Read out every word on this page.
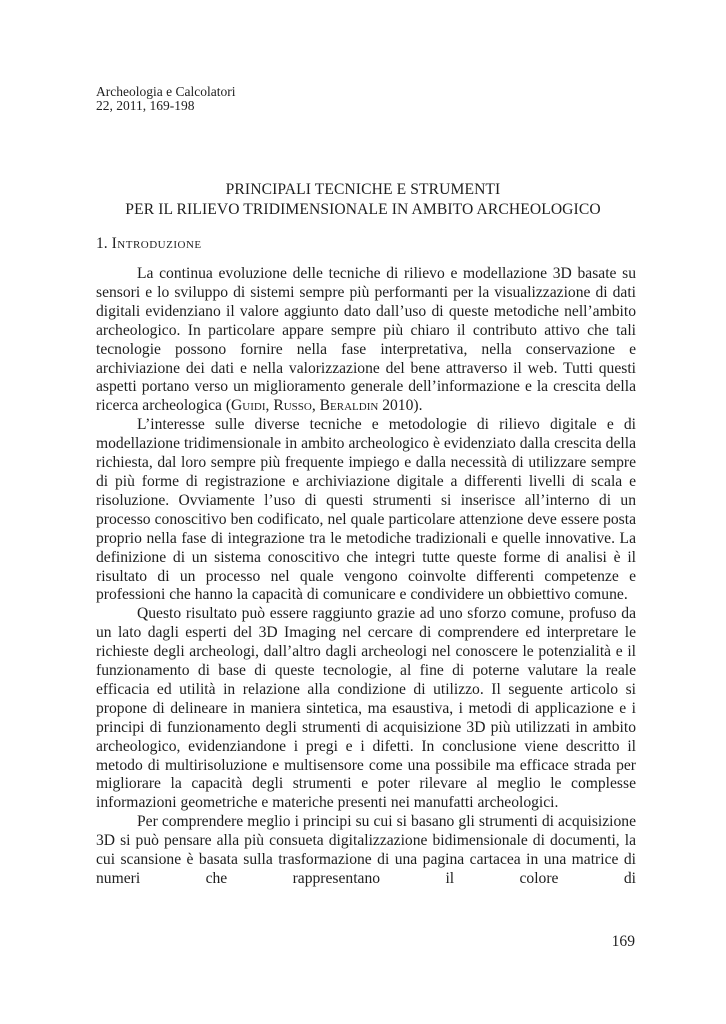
Archeologia e Calcolatori
22, 2011, 169-198
PRINCIPALI TECNICHE E STRUMENTI
PER IL RILIEVO TRIDIMENSIONALE IN AMBITO ARCHEOLOGICO
1. Introduzione

La continua evoluzione delle tecniche di rilievo e modellazione 3D basate su sensori e lo sviluppo di sistemi sempre più performanti per la visualizzazione di dati digitali evidenziano il valore aggiunto dato dall’uso di queste metodiche nell’ambito archeologico. In particolare appare sempre più chiaro il contributo attivo che tali tecnologie possono fornire nella fase interpretativa, nella conservazione e archiviazione dei dati e nella valorizzazione del bene attraverso il web. Tutti questi aspetti portano verso un miglioramento generale dell’informazione e la crescita della ricerca archeologica (Guidi, Russo, Beraldin 2010).

L’interesse sulle diverse tecniche e metodologie di rilievo digitale e di modellazione tridimensionale in ambito archeologico è evidenziato dalla crescita della richiesta, dal loro sempre più frequente impiego e dalla necessità di utilizzare sempre di più forme di registrazione e archiviazione digitale a differenti livelli di scala e risoluzione. Ovviamente l’uso di questi strumenti si inserisce all’interno di un processo conoscitivo ben codificato, nel quale particolare attenzione deve essere posta proprio nella fase di integrazione tra le metodiche tradizionali e quelle innovative. La definizione di un sistema conoscitivo che integri tutte queste forme di analisi è il risultato di un processo nel quale vengono coinvolte differenti competenze e professioni che hanno la capacità di comunicare e condividere un obbiettivo comune.

Questo risultato può essere raggiunto grazie ad uno sforzo comune, profuso da un lato dagli esperti del 3D Imaging nel cercare di comprendere ed interpretare le richieste degli archeologi, dall’altro dagli archeologi nel conoscere le potenzialità e il funzionamento di base di queste tecnologie, al fine di poterne valutare la reale efficacia ed utilità in relazione alla condizione di utilizzo. Il seguente articolo si propone di delineare in maniera sintetica, ma esaustiva, i metodi di applicazione e i principi di funzionamento degli strumenti di acquisizione 3D più utilizzati in ambito archeologico, evidenziandone i pregi e i difetti. In conclusione viene descritto il metodo di multirisoluzione e multisensore come una possibile ma efficace strada per migliorare la capacità degli strumenti e poter rilevare al meglio le complesse informazioni geometriche e materiche presenti nei manufatti archeologici.

Per comprendere meglio i principi su cui si basano gli strumenti di acquisizione 3D si può pensare alla più consueta digitalizzazione bidimensionale di documenti, la cui scansione è basata sulla trasformazione di una pagina cartacea in una matrice di numeri che rappresentano il colore di

169
